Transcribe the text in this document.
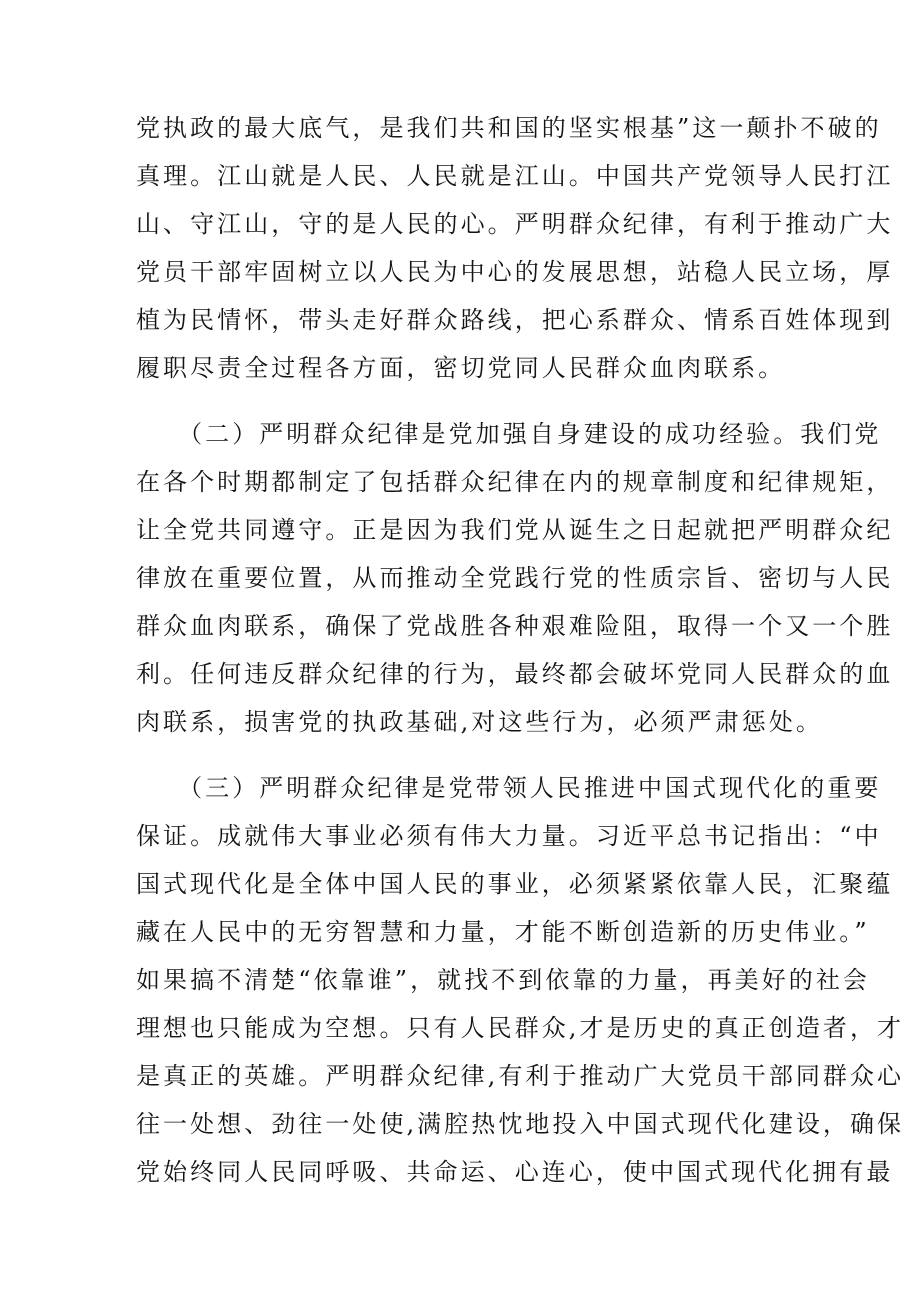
党执政的最大底气，是我们共和国的坚实根基”这一颠扑不破的
真理。江山就是人民、人民就是江山。中国共产党领导人民打江
山、守江山，守的是人民的心。严明群众纪律，有利于推动广大
党员干部牢固树立以人民为中心的发展思想，站稳人民立场，厚
植为民情怀，带头走好群众路线，把心系群众、情系百姓体现到
履职尽责全过程各方面，密切党同人民群众血肉联系。
　　（二）严明群众纪律是党加强自身建设的成功经验。我们党
在各个时期都制定了包括群众纪律在内的规章制度和纪律规矩，
让全党共同遵守。正是因为我们党从诞生之日起就把严明群众纪
律放在重要位置，从而推动全党践行党的性质宗旨、密切与人民
群众血肉联系，确保了党战胜各种艰难险阻，取得一个又一个胜
利。任何违反群众纪律的行为，最终都会破坏党同人民群众的血
肉联系，损害党的执政基础,对这些行为，必须严肃惩处。
　　（三）严明群众纪律是党带领人民推进中国式现代化的重要
保证。成就伟大事业必须有伟大力量。习近平总书记指出：“中
国式现代化是全体中国人民的事业，必须紧紧依靠人民，汇聚蕴
藏在人民中的无穷智慧和力量，才能不断创造新的历史伟业。”
如果搞不清楚“依靠谁”，就找不到依靠的力量，再美好的社会
理想也只能成为空想。只有人民群众,才是历史的真正创造者，才
是真正的英雄。严明群众纪律,有利于推动广大党员干部同群众心
往一处想、劲往一处使,满腔热忱地投入中国式现代化建设，确保
党始终同人民同呼吸、共命运、心连心，使中国式现代化拥有最
